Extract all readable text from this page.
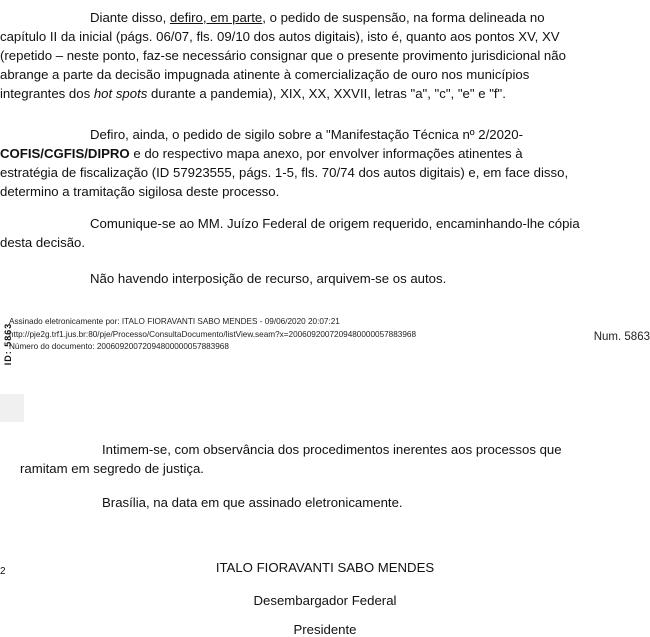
Diante disso, defiro, em parte, o pedido de suspensão, na forma delineada no
capítulo II da inicial (págs. 06/07, fls. 09/10 dos autos digitais), isto é, quanto aos pontos XV, XV
(repetido – neste ponto, faz-se necessário consignar que o presente provimento jurisdicional não
abrange a parte da decisão impugnada atinente à comercialização de ouro nos municípios
integrantes dos hot spots durante a pandemia), XIX, XX, XXVII, letras "a", "c", "e" e "f".
Defiro, ainda, o pedido de sigilo sobre a "Manifestação Técnica nº 2/2020-
COFIS/CGFIS/DIPRO e do respectivo mapa anexo, por envolver informações atinentes à
estratégia de fiscalização (ID 57923555, págs. 1-5, fls. 70/74 dos autos digitais) e, em face disso,
determino a tramitação sigilosa deste processo.
Comunique-se ao MM. Juízo Federal de origem requerido, encaminhando-lhe cópia
desta decisão.
Não havendo interposição de recurso, arquivem-se os autos.
ID: 5863
Assinado eletronicamente por: ITALO FIORAVANTI SABO MENDES - 09/06/2020 20:07:21
http://pje2g.trf1.jus.br:80/pje/Processo/ConsultaDocumento/listView.seam?x=2006092007209480000057883968
Número do documento: 20060920072094800000057883968
Num. 5863
Intimem-se, com observância dos procedimentos inerentes aos processos que
ramitam em segredo de justiça.
Brasília, na data em que assinado eletronicamente.
2	ITALO FIORAVANTI SABO MENDES
Desembargador Federal
Presidente
